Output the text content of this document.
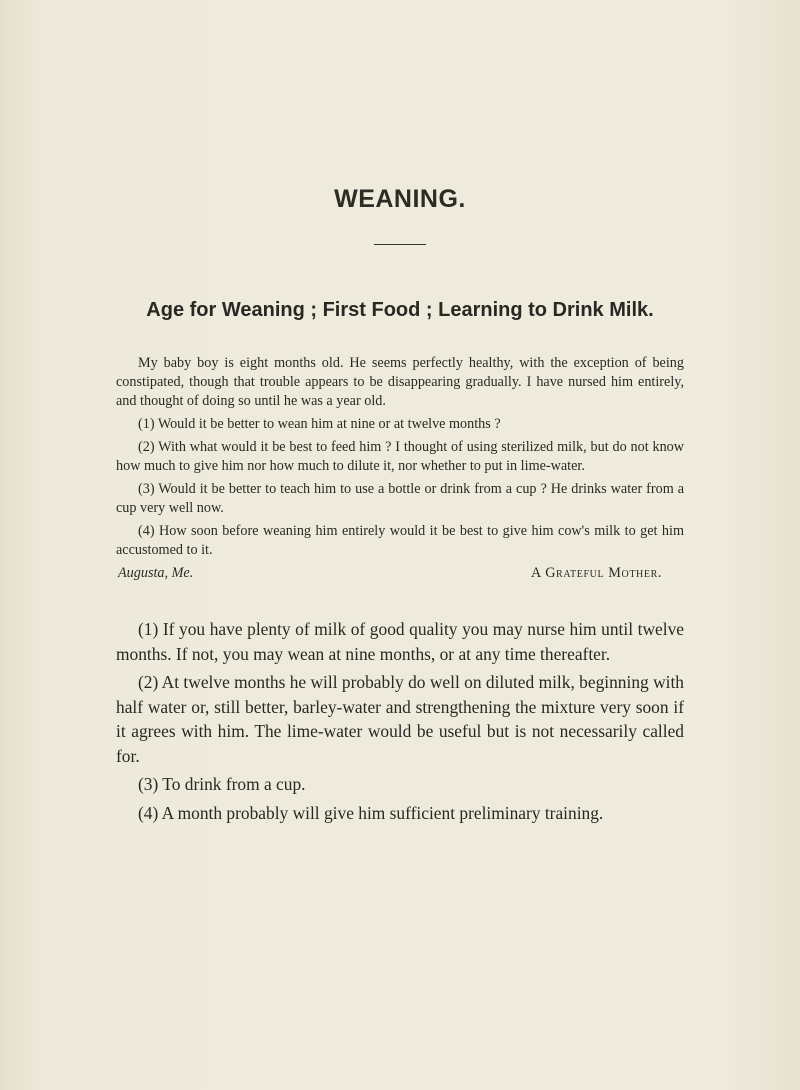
WEANING.
Age for Weaning ; First Food ; Learning to Drink Milk.

My baby boy is eight months old. He seems perfectly healthy, with the exception of being constipated, though that trouble appears to be disappearing gradually. I have nursed him entirely, and thought of doing so until he was a year old.

(1) Would it be better to wean him at nine or at twelve months ?

(2) With what would it be best to feed him ? I thought of using sterilized milk, but do not know how much to give him nor how much to dilute it, nor whether to put in lime-water.

(3) Would it be better to teach him to use a bottle or drink from a cup ? He drinks water from a cup very well now.

(4) How soon before weaning him entirely would it be best to give him cow's milk to get him accustomed to it.

Augusta, Me.	A Grateful Mother.

(1) If you have plenty of milk of good quality you may nurse him until twelve months. If not, you may wean at nine months, or at any time thereafter.

(2) At twelve months he will probably do well on diluted milk, beginning with half water or, still better, barley-water and strengthening the mixture very soon if it agrees with him. The lime-water would be useful but is not necessarily called for.

(3) To drink from a cup.

(4) A month probably will give him sufficient preliminary training.
